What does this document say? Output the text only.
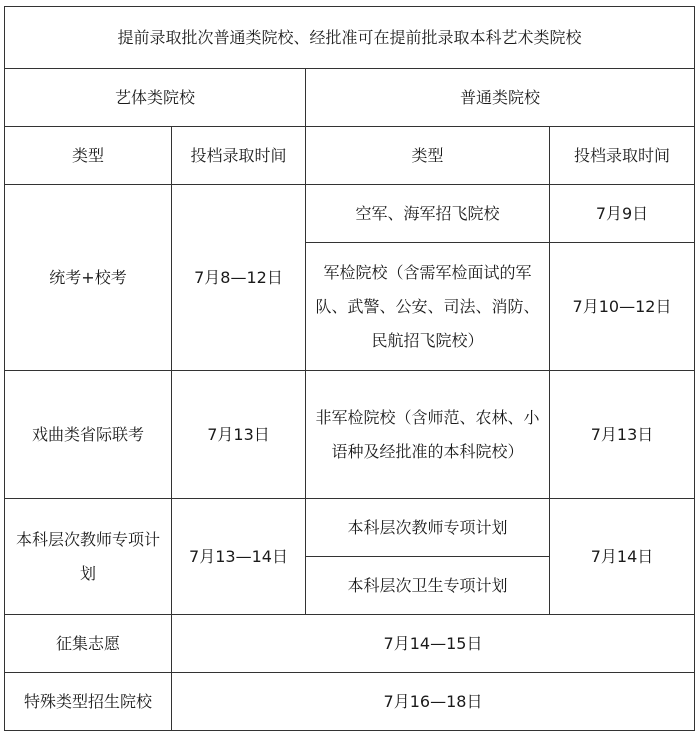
提前录取批次普通类院校、经批准可在提前批录取本科艺术类院校			
艺体类院校		普通类院校	
类型	投档录取时间	类型	投档录取时间
统考+校考	7月8—12日	空军、海军招飞院校	7月9日
		军检院校（含需军检面试的军队、武警、公安、司法、消防、民航招飞院校）	7月10—12日
戏曲类省际联考	7月13日	非军检院校（含师范、农林、小语种及经批准的本科院校）	7月13日
本科层次教师专项计划	7月13—14日	本科层次教师专项计划	7月14日
		本科层次卫生专项计划	
征集志愿	7月14—15日		
特殊类型招生院校	7月16—18日		
